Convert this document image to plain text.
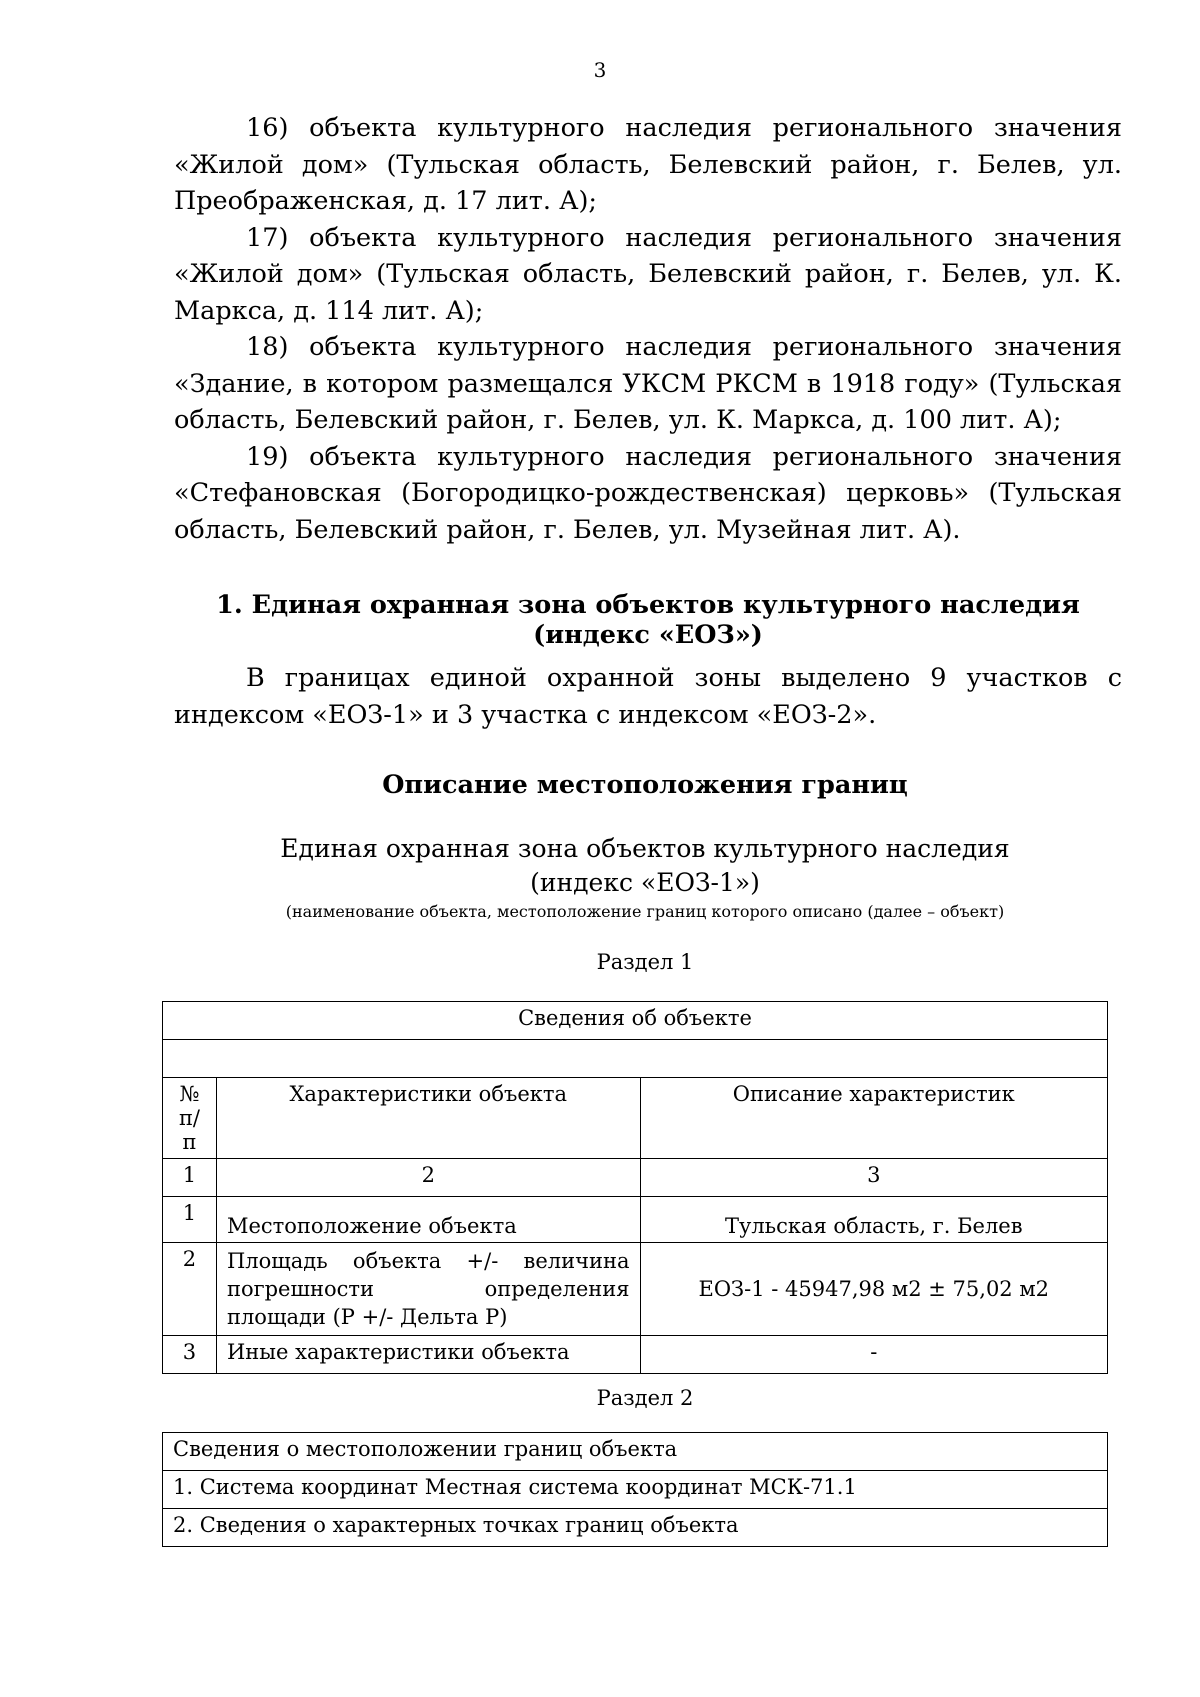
3

16) объекта культурного наследия регионального значения «Жилой дом» (Тульская область, Белевский район, г. Белев, ул. Преображенская, д. 17 лит. А);

17) объекта культурного наследия регионального значения «Жилой дом» (Тульская область, Белевский район, г. Белев, ул. К. Маркса, д. 114 лит. А);

18) объекта культурного наследия регионального значения «Здание, в котором размещался УКСМ РКСМ в 1918 году» (Тульская область, Белевский район, г. Белев, ул. К. Маркса, д. 100 лит. А);

19) объекта культурного наследия регионального значения «Стефановская (Богородицко-рождественская) церковь» (Тульская область, Белевский район, г. Белев, ул. Музейная лит. А).

1. Единая охранная зона объектов культурного наследия (индекс «ЕОЗ»)

В границах единой охранной зоны выделено 9 участков с индексом «ЕОЗ-1» и 3 участка с индексом «ЕОЗ-2».

Описание местоположения границ
Единая охранная зона объектов культурного наследия
(индекс «ЕОЗ-1»)
(наименование объекта, местоположение границ которого описано (далее – объект)
Раздел 1
Сведения об объекте		

№ п/п	Характеристики объекта	Описание характеристик
1	2	3
1	Местоположение объекта	Тульская область, г. Белев
2	Площадь объекта +/- величина погрешности определения площади (Р +/- Дельта Р)	ЕОЗ-1 - 45947,98 м2 ± 75,02 м2
3	Иные характеристики объекта	-
Раздел 2
Сведения о местоположении границ объекта
1. Система координат Местная система координат МСК-71.1
2. Сведения о характерных точках границ объекта
